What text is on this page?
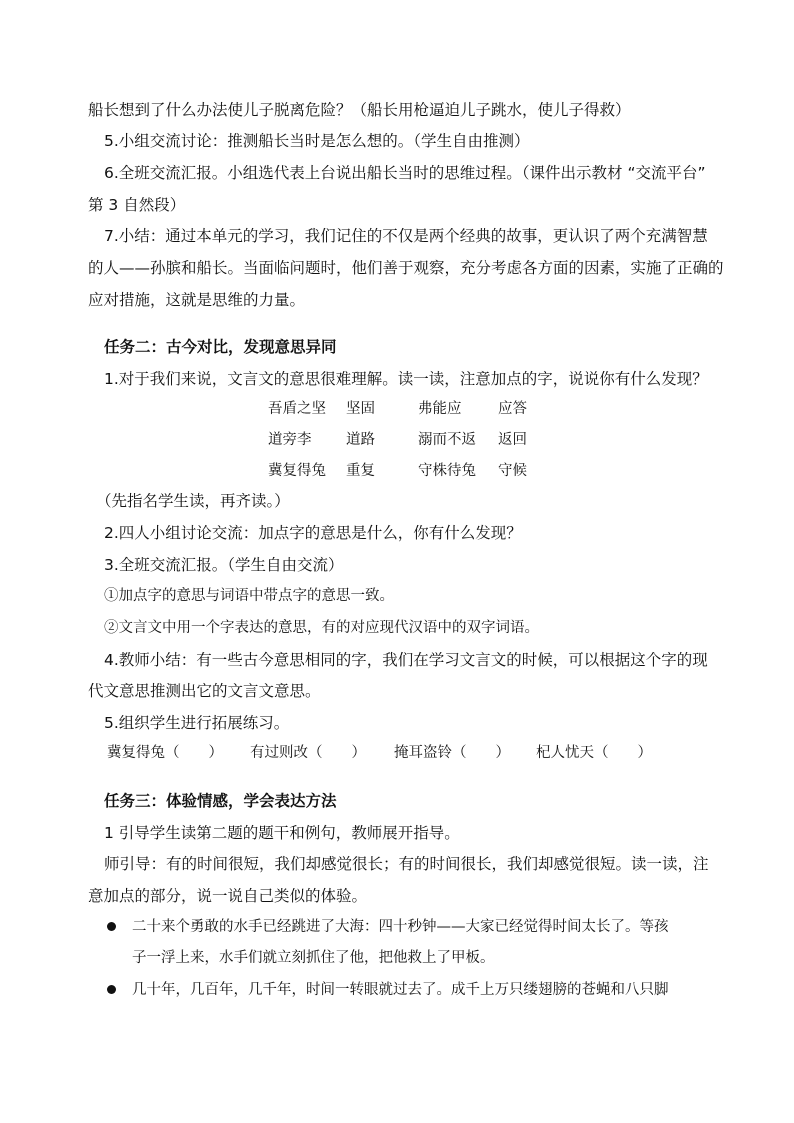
船长想到了什么办法使儿子脱离危险？（船长用枪逼迫儿子跳水，使儿子得救）
5.小组交流讨论：推测船长当时是怎么想的。（学生自由推测）
6.全班交流汇报。小组选代表上台说出船长当时的思维过程。（课件出示教材 “交流平台”
第 3 自然段）
7.小结：通过本单元的学习，我们记住的不仅是两个经典的故事，更认识了两个充满智慧
的人——孙膑和船长。当面临问题时，他们善于观察，充分考虑各方面的因素，实施了正确的
应对措施，这就是思维的力量。
任务二：古今对比，发现意思异同
1.对于我们来说，文言文的意思很难理解。读一读，注意加点的字，说说你有什么发现？
吾盾之坚 坚固	弗能应	应答
道旁李 道路	溺而不返 返回
冀复得兔 重复	守株待兔 守候
（先指名学生读，再齐读。）
2.四人小组讨论交流：加点字的意思是什么，你有什么发现？
3.全班交流汇报。（学生自由交流）
①加点字的意思与词语中带点字的意思一致。
②文言文中用一个字表达的意思，有的对应现代汉语中的双字词语。
4.教师小结：有一些古今意思相同的字，我们在学习文言文的时候，可以根据这个字的现
代文意思推测出它的文言文意思。
5.组织学生进行拓展练习。
冀复得兔（　　） 有过则改（　　） 掩耳盗铃（　　） 杞人忧天（　　）
任务三：体验情感，学会表达方法
1 引导学生读第二题的题干和例句，教师展开指导。
师引导：有的时间很短，我们却感觉很长；有的时间很长，我们却感觉很短。读一读，注
意加点的部分，说一说自己类似的体验。
二十来个勇敢的水手已经跳进了大海：四十秒钟——大家已经觉得时间太长了。等孩
子一浮上来，水手们就立刻抓住了他，把他救上了甲板。
几十年，几百年，几千年，时间一转眼就过去了。成千上万只缕翅膀的苍蝇和八只脚
